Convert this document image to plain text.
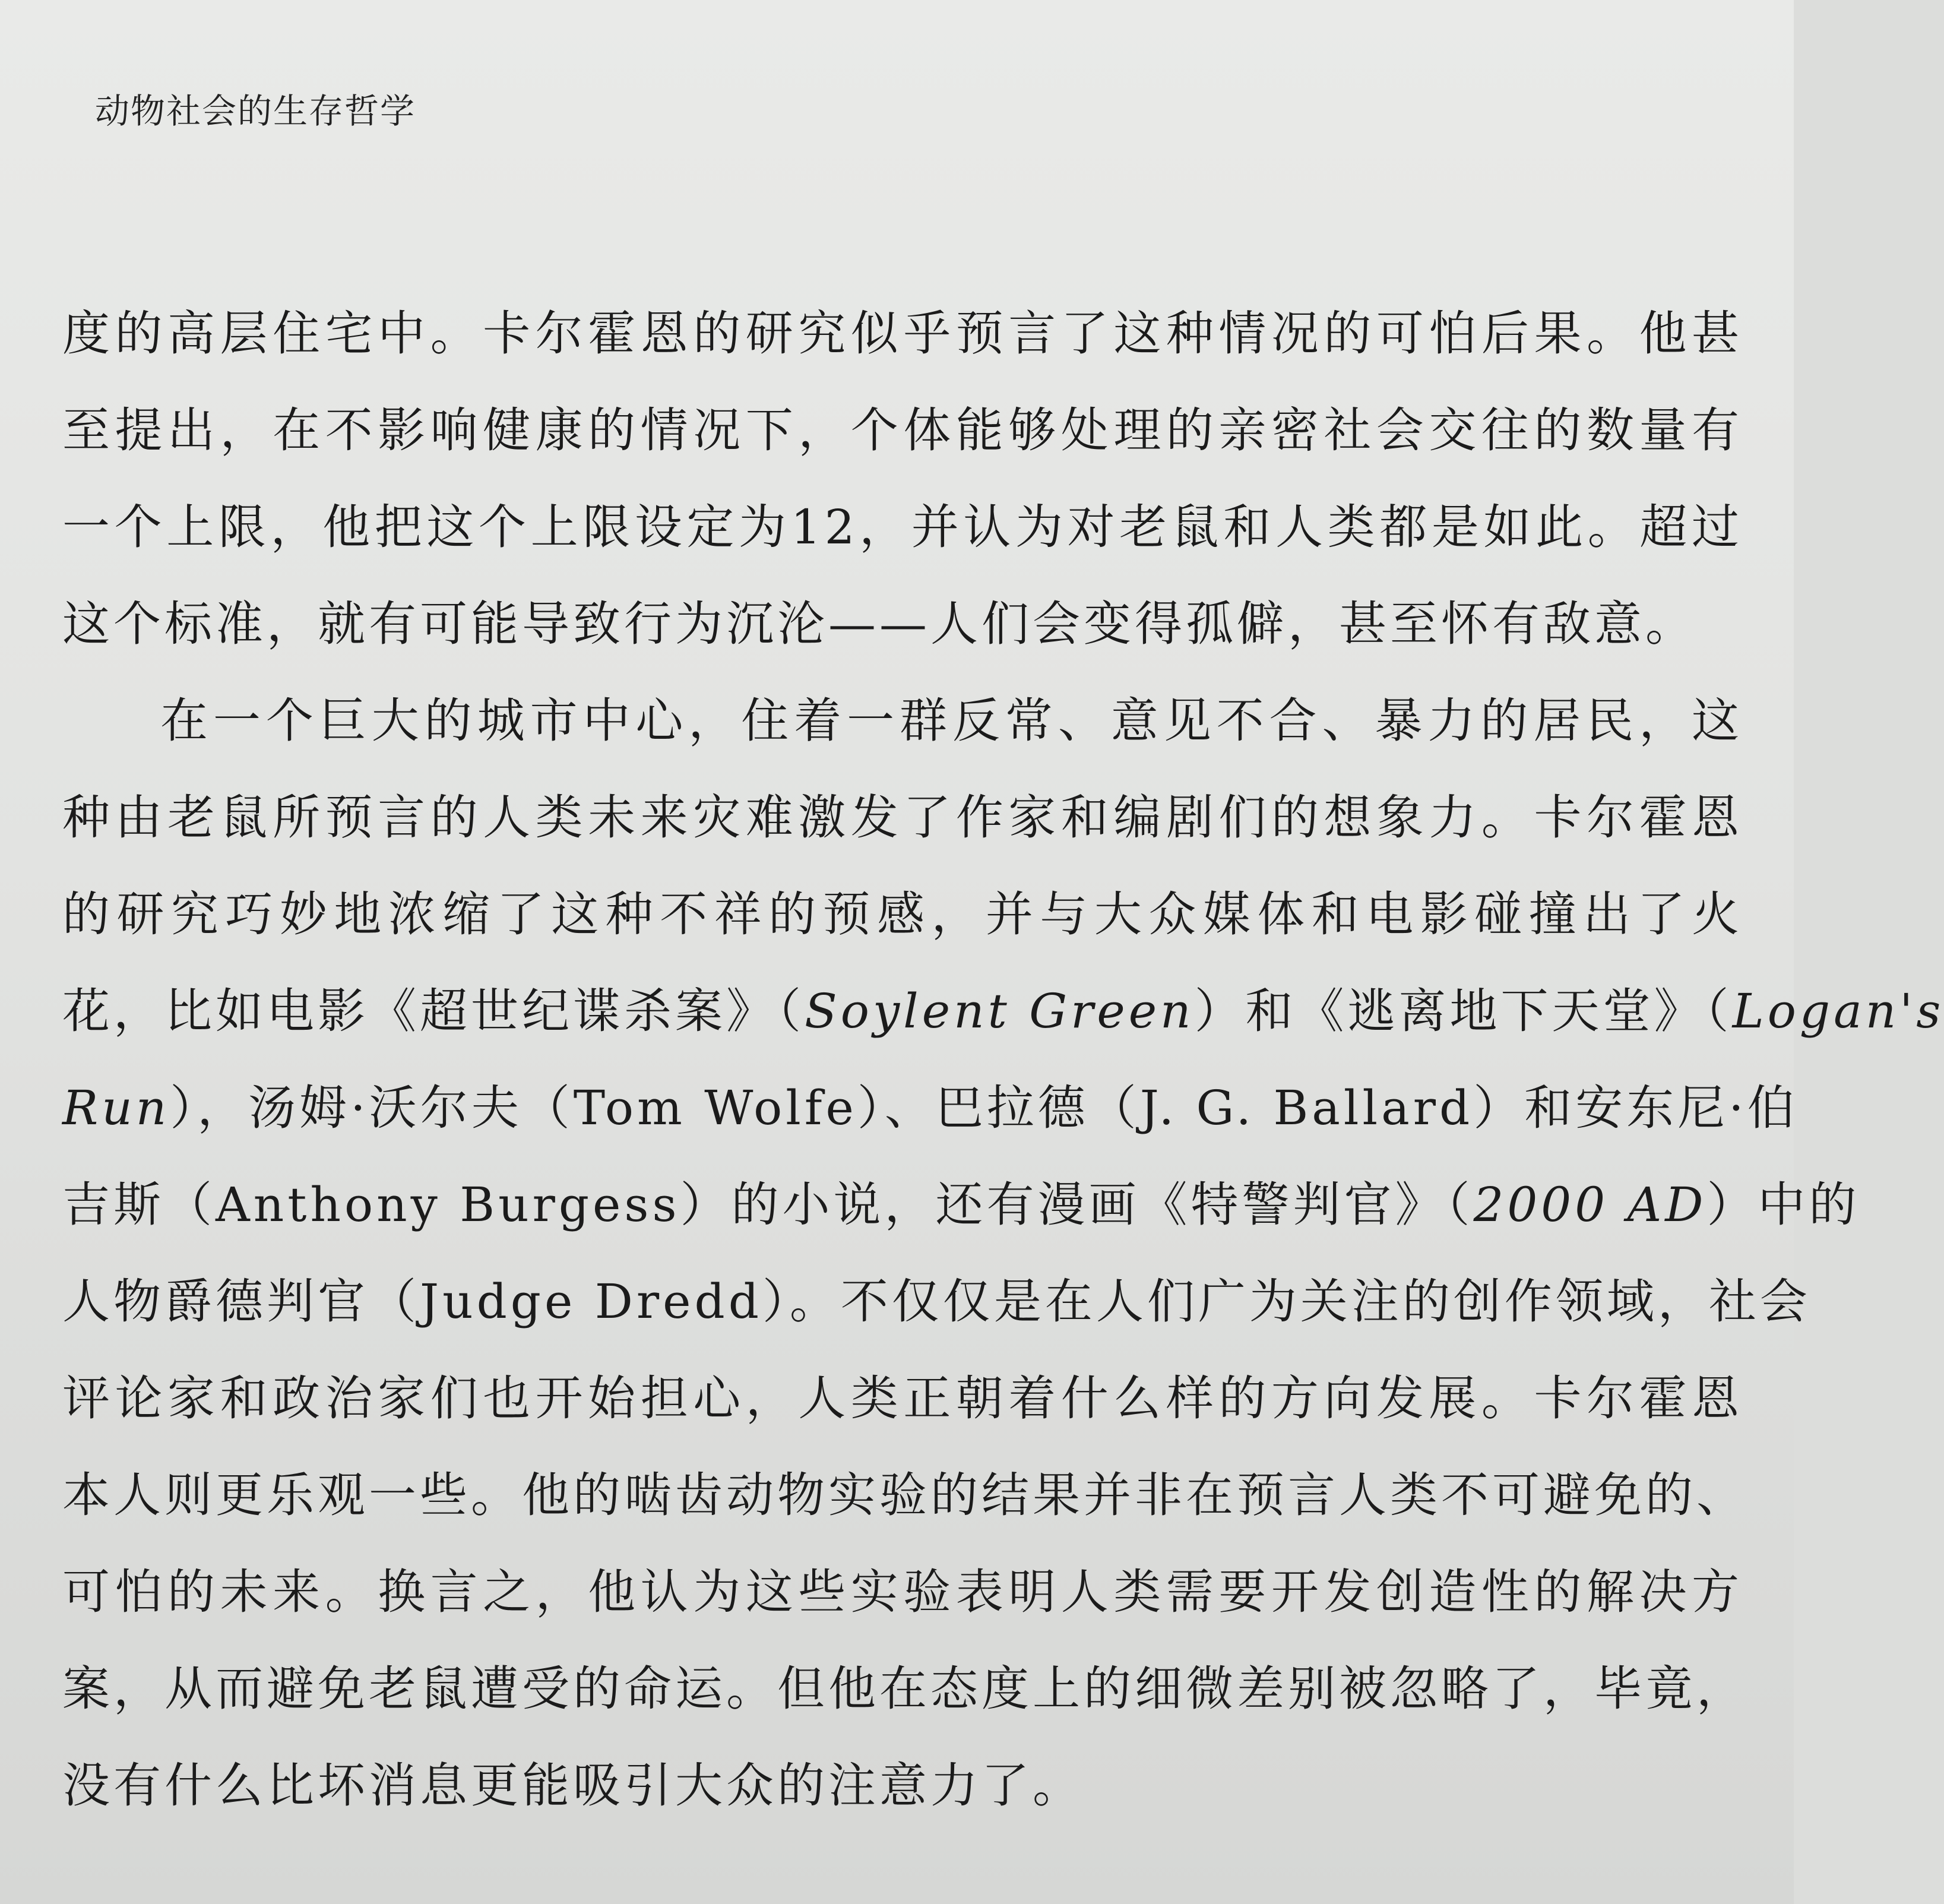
动物社会的生存哲学
度的高层住宅中。卡尔霍恩的研究似乎预言了这种情况的可怕后果。他甚
至提出，在不影响健康的情况下，个体能够处理的亲密社会交往的数量有
一个上限，他把这个上限设定为12，并认为对老鼠和人类都是如此。超过
这个标准，就有可能导致行为沉沦——人们会变得孤僻，甚至怀有敌意。
在一个巨大的城市中心，住着一群反常、意见不合、暴力的居民，这
种由老鼠所预言的人类未来灾难激发了作家和编剧们的想象力。卡尔霍恩
的研究巧妙地浓缩了这种不祥的预感，并与大众媒体和电影碰撞出了火
花，比如电影《超世纪谍杀案》（Soylent Green）和《逃离地下天堂》（Logan's
Run），汤姆·沃尔夫（Tom Wolfe）、巴拉德（J. G. Ballard）和安东尼·伯
吉斯（Anthony Burgess）的小说，还有漫画《特警判官》（2000 AD）中的
人物爵德判官（Judge Dredd）。不仅仅是在人们广为关注的创作领域，社会
评论家和政治家们也开始担心，人类正朝着什么样的方向发展。卡尔霍恩
本人则更乐观一些。他的啮齿动物实验的结果并非在预言人类不可避免的、
可怕的未来。换言之，他认为这些实验表明人类需要开发创造性的解决方
案，从而避免老鼠遭受的命运。但他在态度上的细微差别被忽略了，毕竟，
没有什么比坏消息更能吸引大众的注意力了。
